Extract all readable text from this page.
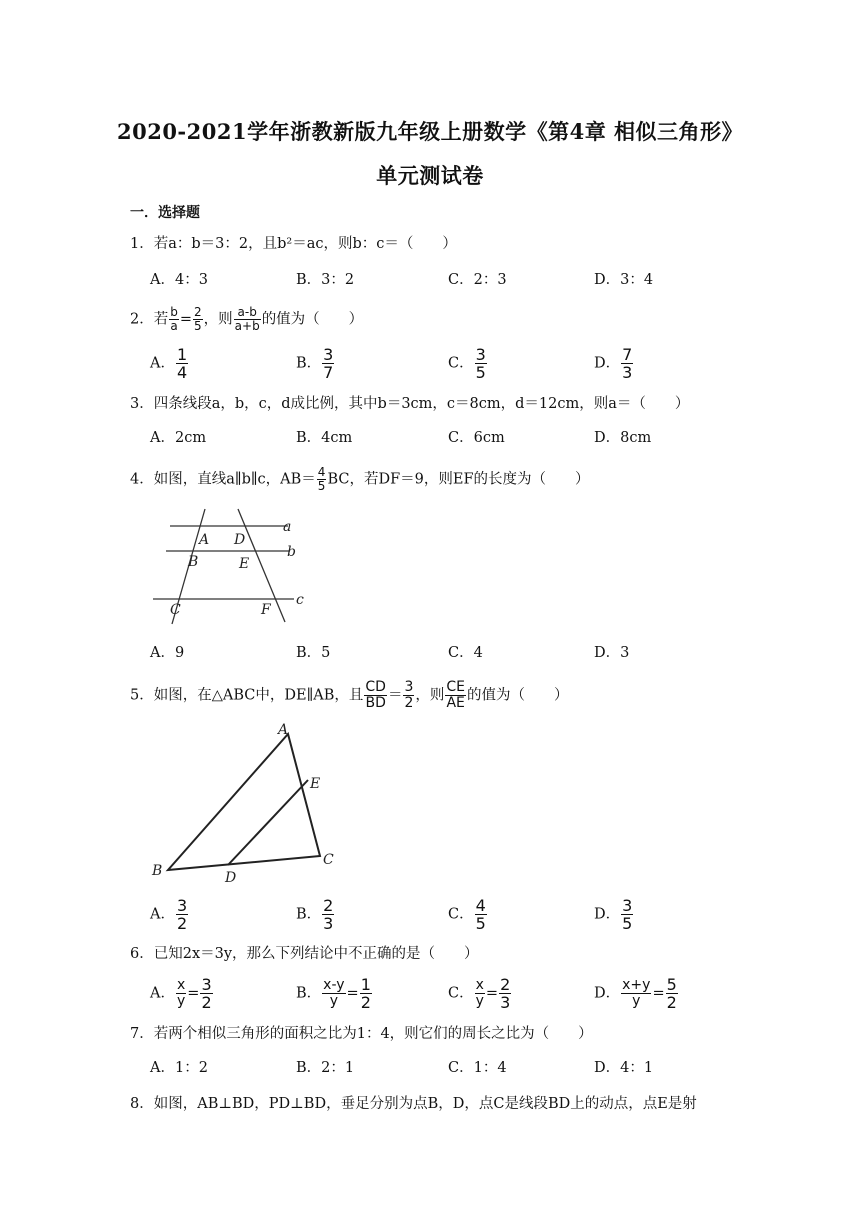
2020-2021学年浙教新版九年级上册数学《第4章 相似三角形》
单元测试卷
一．选择题
1．若a：b＝3：2，且b²＝ac，则b：c＝（　　）
A．4：3	B．3：2	C．2：3	D．3：4
2．若 $\frac{b}{a} = \frac{2}{5}$ ，则 $\frac{a-b}{a+b}$ 的值为（　　）
A． $\frac{1}{4}$	B． $\frac{3}{7}$	C． $\frac{3}{5}$	D． $\frac{7}{3}$
3．四条线段a，b，c，d成比例，其中b＝3cm，c＝8cm，d＝12cm，则a＝（　　）
A．2cm	B．4cm	C．6cm	D．8cm
4．如图，直线a∥b∥c，$AB= \frac{4}{5}$ BC，若DF＝9，则EF的长度为（　　）
a
b
c
A
B
C
D
E
F
A．9	B．5	C．4	D．3
5．如图，在△ABC中，DE∥AB，且 $\frac{CD}{BD} = \frac{3}{2}$ ，则 $\frac{CE}{AE}$ 的值为（　　）
A
B
C
D
E
A． $\frac{3}{2}$	B． $\frac{2}{3}$	C． $\frac{4}{5}$	D． $\frac{3}{5}$
6．已知2x＝3y，那么下列结论中不正确的是（　　）
A． $\frac{x}{y} = \frac{3}{2}$	B． $\frac{x-y}{y} = \frac{1}{2}$	C． $\frac{x}{y} = \frac{2}{3}$	D． $\frac{x+y}{y} = \frac{5}{2}$
7．若两个相似三角形的面积之比为1：4，则它们的周长之比为（　　）
A．1：2	B．2：1	C．1：4	D．4：1
8．如图，AB⊥BD，PD⊥BD，垂足分别为点B，D，点C是线段BD上的动点，点E是射
